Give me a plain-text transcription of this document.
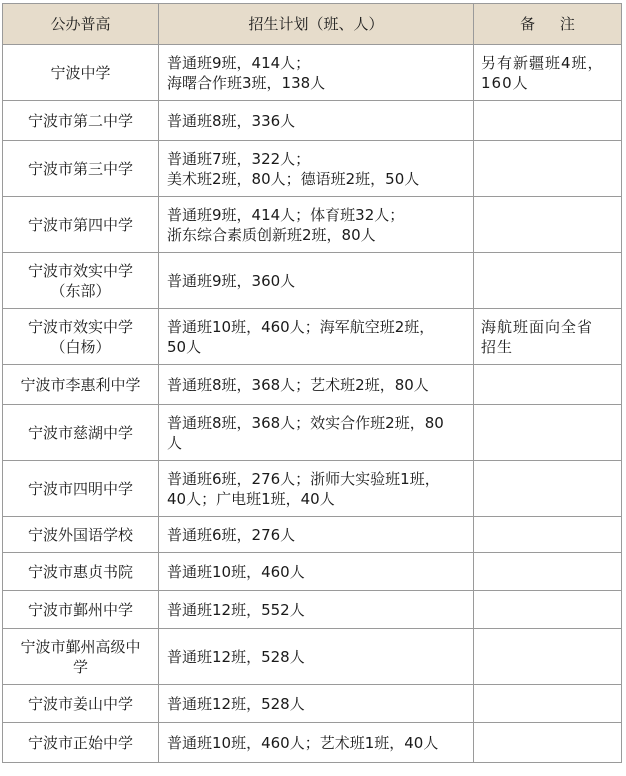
公办普高	招生计划（班、人）	备 注

宁波中学	普通班9班，414人；
海曙合作班3班，138人	另有新疆班4班，
160人

宁波市第二中学	普通班8班，336人	

宁波市第三中学	普通班7班，322人；
美术班2班，80人；德语班2班，50人	

宁波市第四中学	普通班9班，414人；体育班32人；
浙东综合素质创新班2班，80人	

宁波市效实中学
（东部）	普通班9班，360人	

宁波市效实中学
（白杨）	普通班10班，460人；海军航空班2班，
50人	海航班面向全省
招生

宁波市李惠利中学	普通班8班，368人；艺术班2班，80人	

宁波市慈湖中学	普通班8班，368人；效实合作班2班，80
人	

宁波市四明中学	普通班6班，276人；浙师大实验班1班，
40人；广电班1班，40人	

宁波外国语学校	普通班6班，276人	

宁波市惠贞书院	普通班10班，460人	

宁波市鄞州中学	普通班12班，552人	

宁波市鄞州高级中
学	普通班12班，528人	

宁波市姜山中学	普通班12班，528人	

宁波市正始中学	普通班10班，460人；艺术班1班，40人	
